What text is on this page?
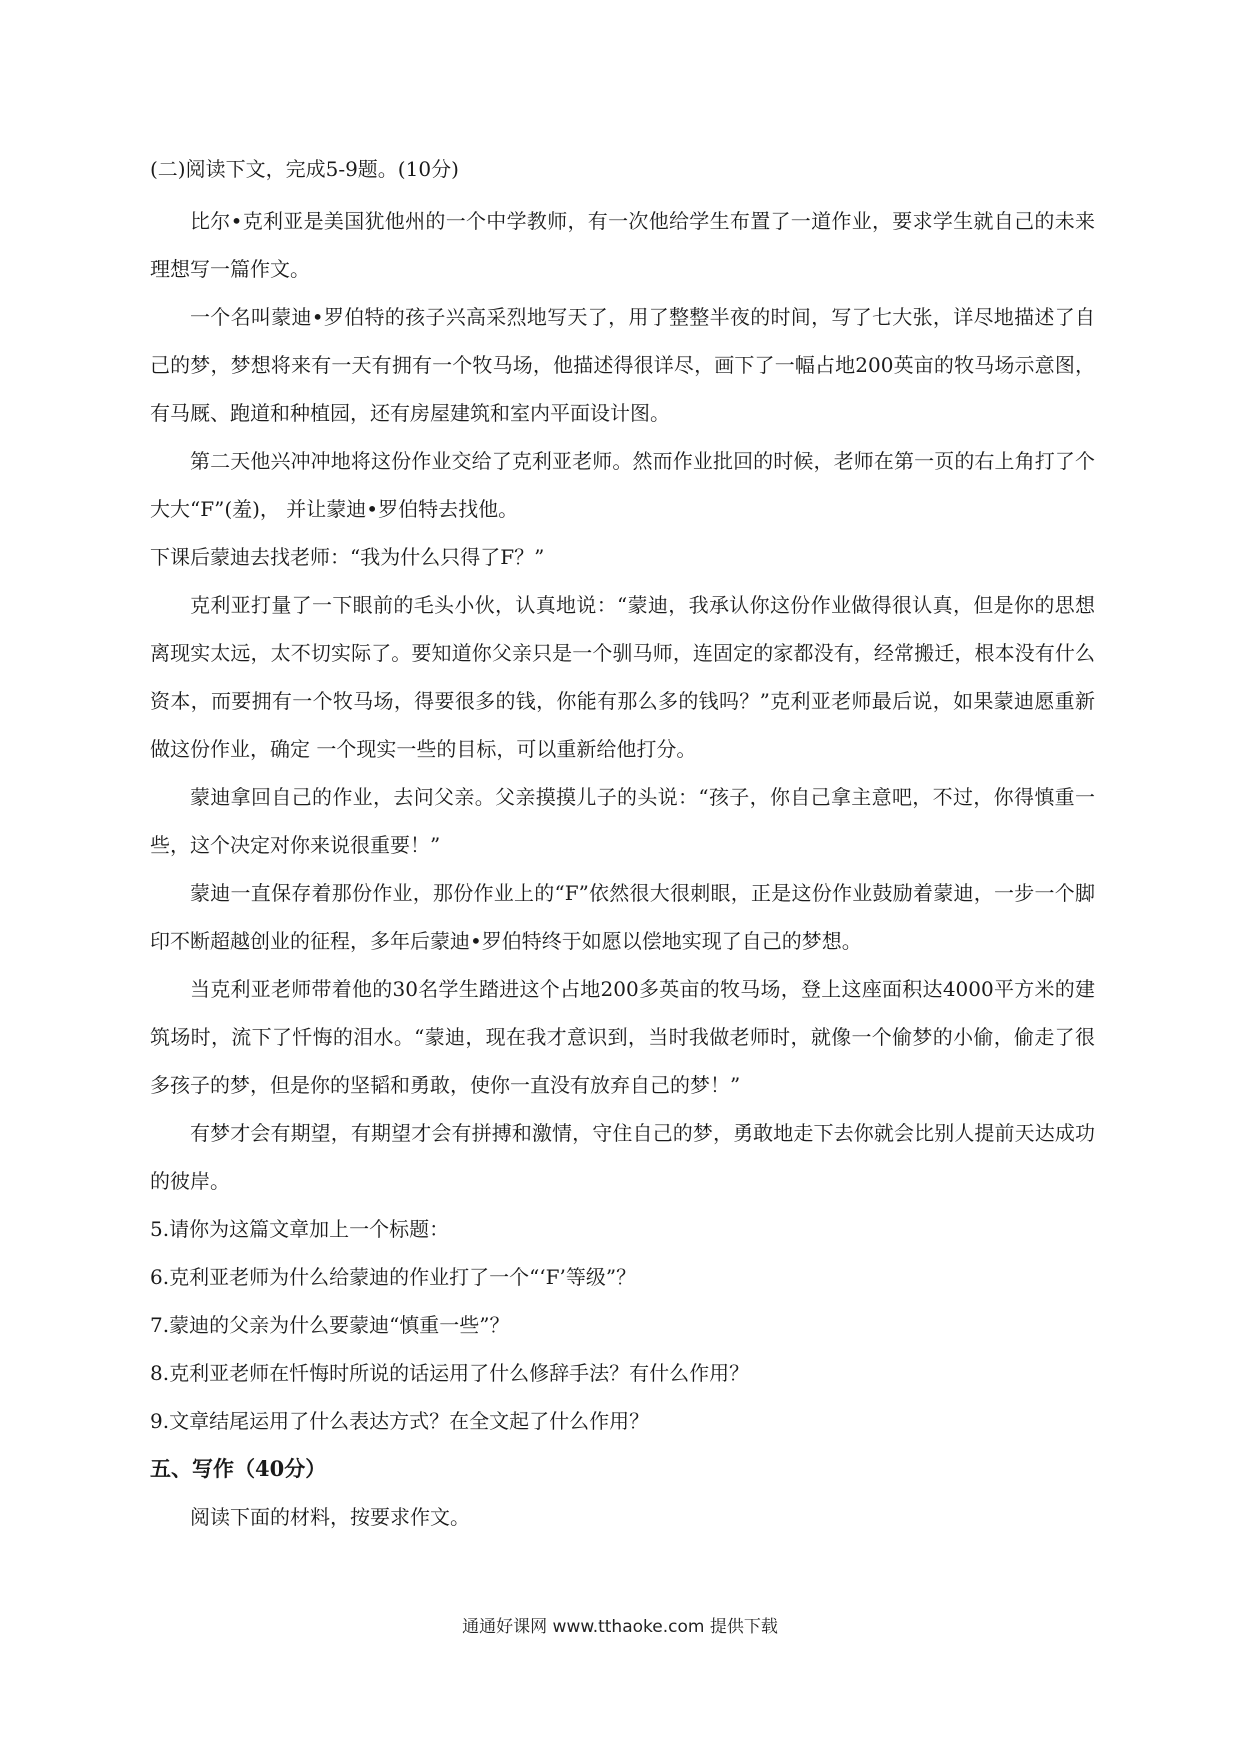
(二)阅读下文，完成5-9题。(10分)

比尔•克利亚是美国犹他州的一个中学教师，有一次他给学生布置了一道作业，要求学生就自己的未来理想写一篇作文。

一个名叫蒙迪•罗伯特的孩子兴高采烈地写天了，用了整整半夜的时间，写了七大张，详尽地描述了自己的梦，梦想将来有一天有拥有一个牧马场，他描述得很详尽，画下了一幅占地200英亩的牧马场示意图，有马厩、跑道和种植园，还有房屋建筑和室内平面设计图。

第二天他兴冲冲地将这份作业交给了克利亚老师。然而作业批回的时候，老师在第一页的右上角打了个大大“F”(羞)， 并让蒙迪•罗伯特去找他。

下课后蒙迪去找老师：“我为什么只得了F？”

克利亚打量了一下眼前的毛头小伙，认真地说：“蒙迪，我承认你这份作业做得很认真，但是你的思想离现实太远，太不切实际了。要知道你父亲只是一个驯马师，连固定的家都没有，经常搬迁，根本没有什么资本，而要拥有一个牧马场，得要很多的钱，你能有那么多的钱吗？”克利亚老师最后说，如果蒙迪愿重新做这份作业，确定 一个现实一些的目标，可以重新给他打分。

蒙迪拿回自己的作业，去问父亲。父亲摸摸儿子的头说：“孩子，你自己拿主意吧，不过，你得慎重一些，这个决定对你来说很重要！”

蒙迪一直保存着那份作业，那份作业上的“F”依然很大很刺眼，正是这份作业鼓励着蒙迪，一步一个脚印不断超越创业的征程，多年后蒙迪•罗伯特终于如愿以偿地实现了自己的梦想。

当克利亚老师带着他的30名学生踏进这个占地200多英亩的牧马场，登上这座面积达4000平方米的建筑场时，流下了忏悔的泪水。“蒙迪，现在我才意识到，当时我做老师时，就像一个偷梦的小偷，偷走了很多孩子的梦，但是你的坚韬和勇敢，使你一直没有放弃自己的梦！”

有梦才会有期望，有期望才会有拼搏和激情，守住自己的梦，勇敢地走下去你就会比别人提前天达成功的彼岸。

5.请你为这篇文章加上一个标题：

6.克利亚老师为什么给蒙迪的作业打了一个“‘F’等级”？

7.蒙迪的父亲为什么要蒙迪“慎重一些”？

8.克利亚老师在忏悔时所说的话运用了什么修辞手法？有什么作用？

9.文章结尾运用了什么表达方式？在全文起了什么作用？

五、写作（40分）

阅读下面的材料，按要求作文。

通通好课网 www.tthaoke.com 提供下载
